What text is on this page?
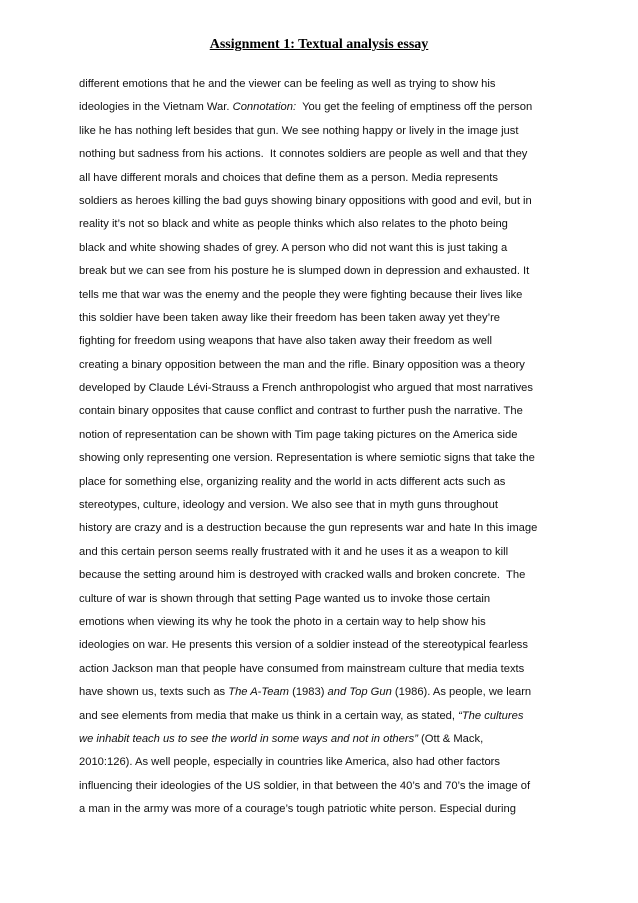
Assignment 1: Textual analysis essay
different emotions that he and the viewer can be feeling as well as trying to show his
ideologies in the Vietnam War. Connotation:  You get the feeling of emptiness off the person
like he has nothing left besides that gun. We see nothing happy or lively in the image just
nothing but sadness from his actions.  It connotes soldiers are people as well and that they
all have different morals and choices that define them as a person. Media represents
soldiers as heroes killing the bad guys showing binary oppositions with good and evil, but in
reality it’s not so black and white as people thinks which also relates to the photo being
black and white showing shades of grey. A person who did not want this is just taking a
break but we can see from his posture he is slumped down in depression and exhausted. It
tells me that war was the enemy and the people they were fighting because their lives like
this soldier have been taken away like their freedom has been taken away yet they’re
fighting for freedom using weapons that have also taken away their freedom as well
creating a binary opposition between the man and the rifle. Binary opposition was a theory
developed by Claude Lévi-Strauss a French anthropologist who argued that most narratives
contain binary opposites that cause conflict and contrast to further push the narrative. The
notion of representation can be shown with Tim page taking pictures on the America side
showing only representing one version. Representation is where semiotic signs that take the
place for something else, organizing reality and the world in acts different acts such as
stereotypes, culture, ideology and version. We also see that in myth guns throughout
history are crazy and is a destruction because the gun represents war and hate In this image
and this certain person seems really frustrated with it and he uses it as a weapon to kill
because the setting around him is destroyed with cracked walls and broken concrete.  The
culture of war is shown through that setting Page wanted us to invoke those certain
emotions when viewing its why he took the photo in a certain way to help show his
ideologies on war. He presents this version of a soldier instead of the stereotypical fearless
action Jackson man that people have consumed from mainstream culture that media texts
have shown us, texts such as The A-Team (1983) and Top Gun (1986). As people, we learn
and see elements from media that make us think in a certain way, as stated, “The cultures
we inhabit teach us to see the world in some ways and not in others” (Ott & Mack,
2010:126). As well people, especially in countries like America, also had other factors
influencing their ideologies of the US soldier, in that between the 40’s and 70’s the image of
a man in the army was more of a courage’s tough patriotic white person. Especial during
